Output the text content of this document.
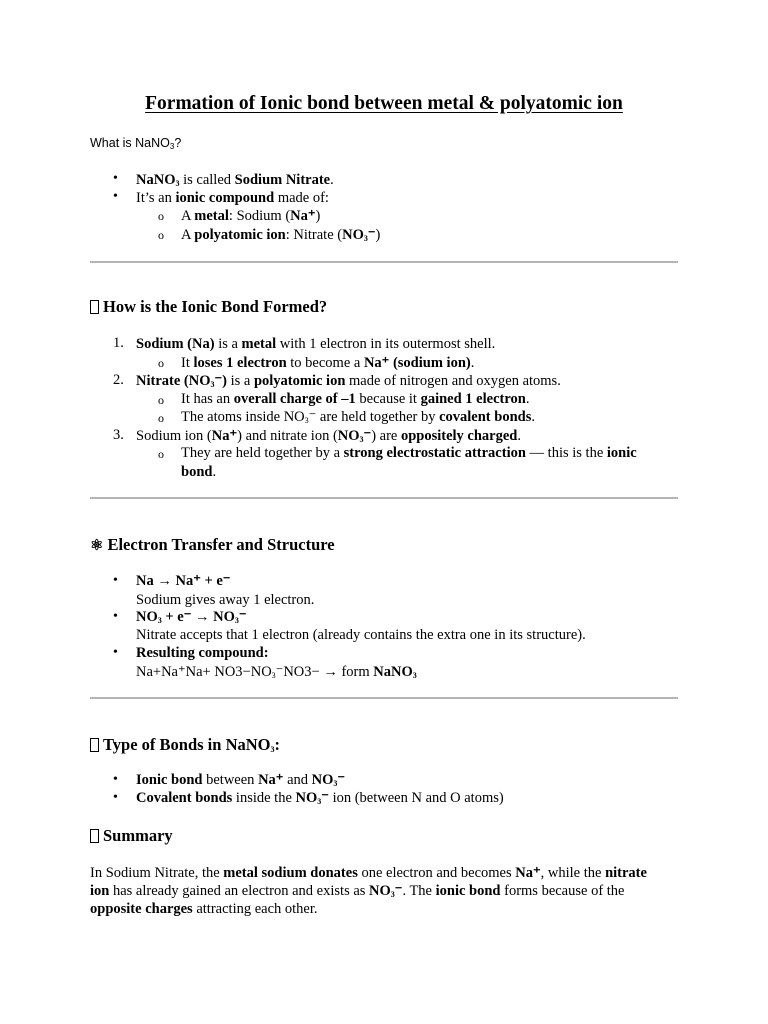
Formation of Ionic bond between metal & polyatomic ion
What is NaNO$_3$?
• NaNO$_3$ is called Sodium Nitrate.
• It’s an ionic compound made of:
o A metal: Sodium (Na⁺)
o A polyatomic ion: Nitrate $(NO_3^-)$
How is the Ionic Bond Formed?
1. Sodium (Na) is a metal with 1 electron in its outermost shell.
o It loses 1 electron to become a Na⁺ (sodium ion).
2. Nitrate $(NO_3^-)$ is a polyatomic ion made of nitrogen and oxygen atoms.
o It has an overall charge of –1 because it gained 1 electron.
o The atoms inside $NO_3^-$ are held together by covalent bonds.
3. Sodium ion (Na⁺) and nitrate ion $(NO_3^-)$ are oppositely charged.
o They are held together by a strong electrostatic attraction — this is the ionic
bond.
⚛ Electron Transfer and Structure
• Na → Na⁺ + e⁻
Sodium gives away 1 electron.
• $NO_3 + e^- \to NO_3^-$
Nitrate accepts that 1 electron (already contains the extra one in its structure).
• Resulting compound:
$Na+Na^+Na+ NO3-NO_3^-NO3-$ → form NaNO$_3$
Type of Bonds in NaNO$_3$:
• Ionic bond between Na⁺ and $NO_3^-$
• Covalent bonds inside the $NO_3^-$ ion (between N and O atoms)
Summary
In Sodium Nitrate, the metal sodium donates one electron and becomes Na⁺, while the nitrate
ion has already gained an electron and exists as $NO_3^-$. The ionic bond forms because of the
opposite charges attracting each other.
